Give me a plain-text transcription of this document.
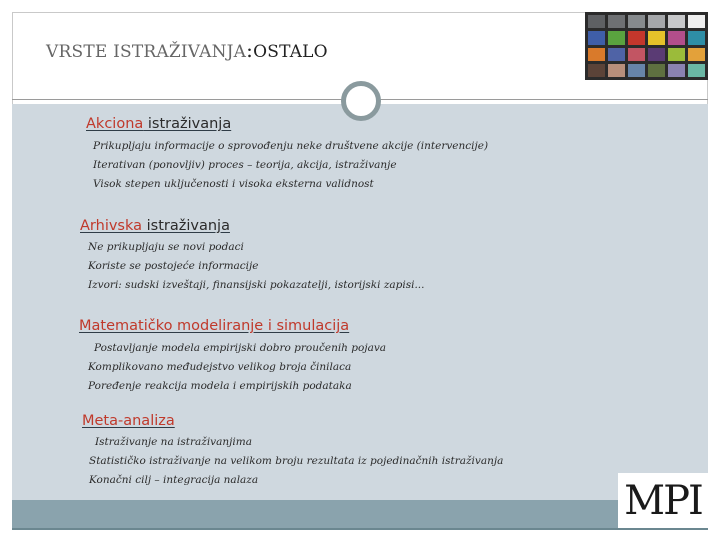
VRSTE ISTRAŽIVANJA:OSTALO
Akciona istraživanja
Prikupljaju informacije o sprovođenju neke društvene akcije (intervencije)
Iterativan (ponovljiv) proces – teorija, akcija, istraživanje
Visok stepen uključenosti i visoka eksterna validnost
Arhivska istraživanja
Ne prikupljaju se novi podaci
Koriste se postojeće informacije
Izvori: sudski izveštaji, finansijski pokazatelji, istorijski zapisi...
Matematičko modeliranje i simulacija
Postavljanje modela empirijski dobro proučenih pojava
Komplikovano međudejstvo velikog broja činilaca
Poređenje reakcija modela i empirijskih podataka
Meta-analiza
Istraživanje na istraživanjima
Statističko istraživanje na velikom broju rezultata iz pojedinačnih istraživanja
Konačni cilj – integracija nalaza	MPI
